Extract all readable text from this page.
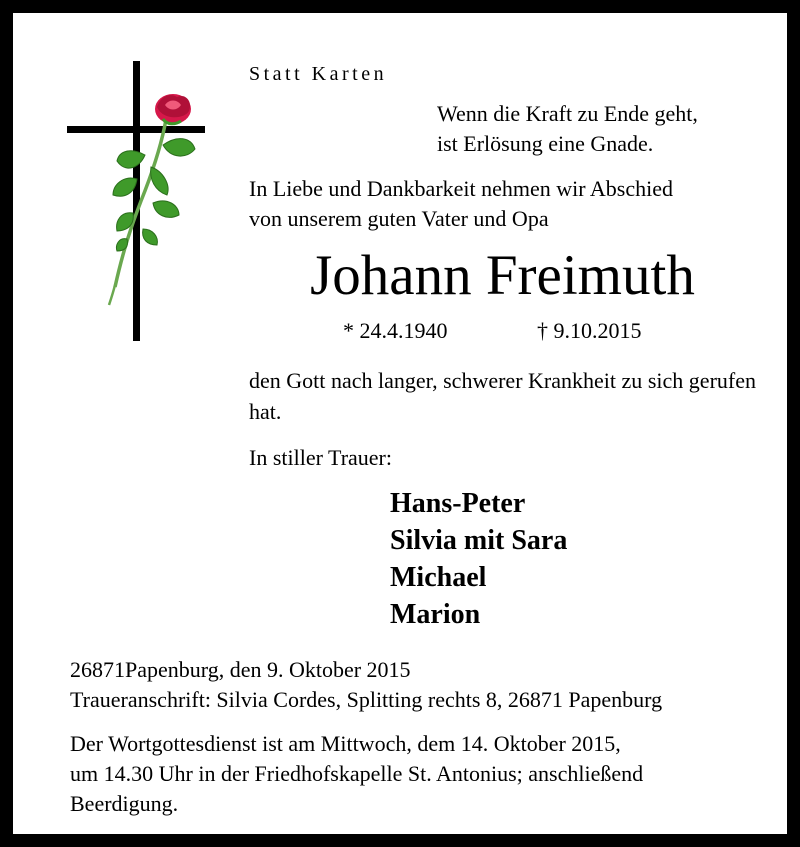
Statt Karten
Wenn die Kraft zu Ende geht,
ist Erlösung eine Gnade.
In Liebe und Dankbarkeit nehmen wir Abschied
von unserem guten Vater und Opa
Johann Freimuth
* 24.4.1940	† 9.10.2015
den Gott nach langer, schwerer Krankheit zu sich gerufen hat.
In stiller Trauer:
Hans-Peter
Silvia mit Sara
Michael
Marion
26871Papenburg, den 9. Oktober 2015
Traueranschrift: Silvia Cordes, Splitting rechts 8, 26871 Papenburg
Der Wortgottesdienst ist am Mittwoch, dem 14. Oktober 2015,
um 14.30 Uhr in der Friedhofskapelle St. Antonius; anschließend
Beerdigung.
